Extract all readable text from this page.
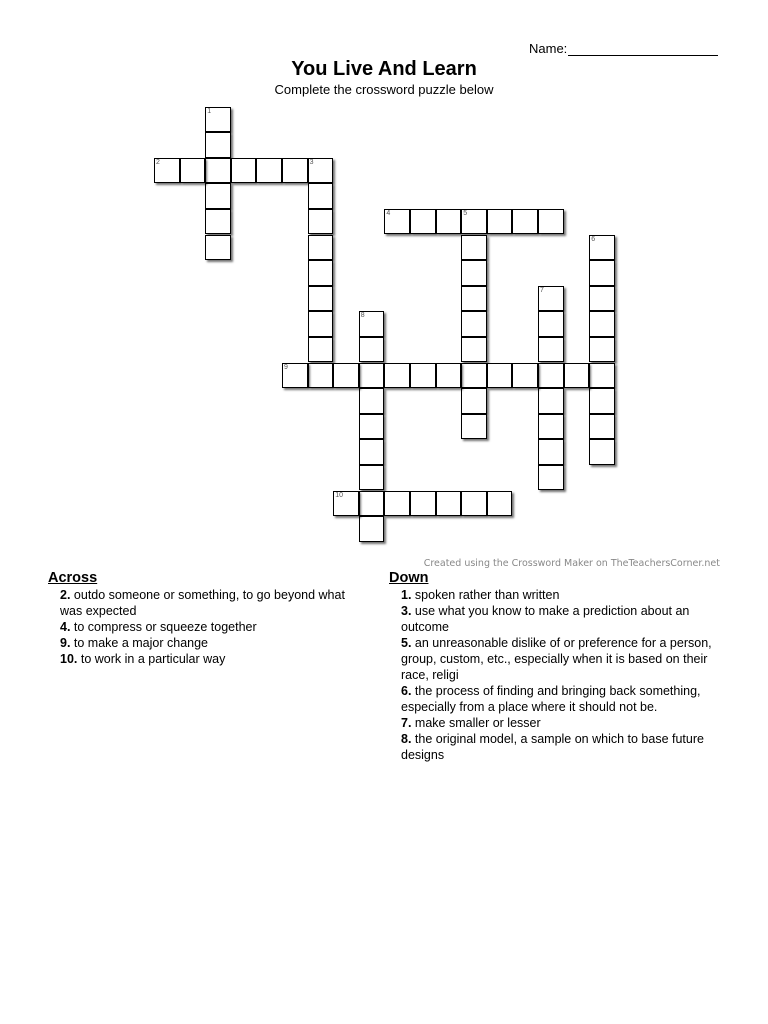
Name:
You Live And Learn
Complete the crossword puzzle below
1
2	3
4	5
6
7
8
9
10
Created using the Crossword Maker on TheTeachersCorner.net
Across
2. outdo someone or something, to go beyond what was expected
4. to compress or squeeze together
9. to make a major change
10. to work in a particular way
Down
1. spoken rather than written
3. use what you know to make a prediction about an outcome
5. an unreasonable dislike of or preference for a person, group, custom, etc., especially when it is based on their race, religi
6. the process of finding and bringing back something, especially from a place where it should not be.
7. make smaller or lesser
8. the original model, a sample on which to base future designs
